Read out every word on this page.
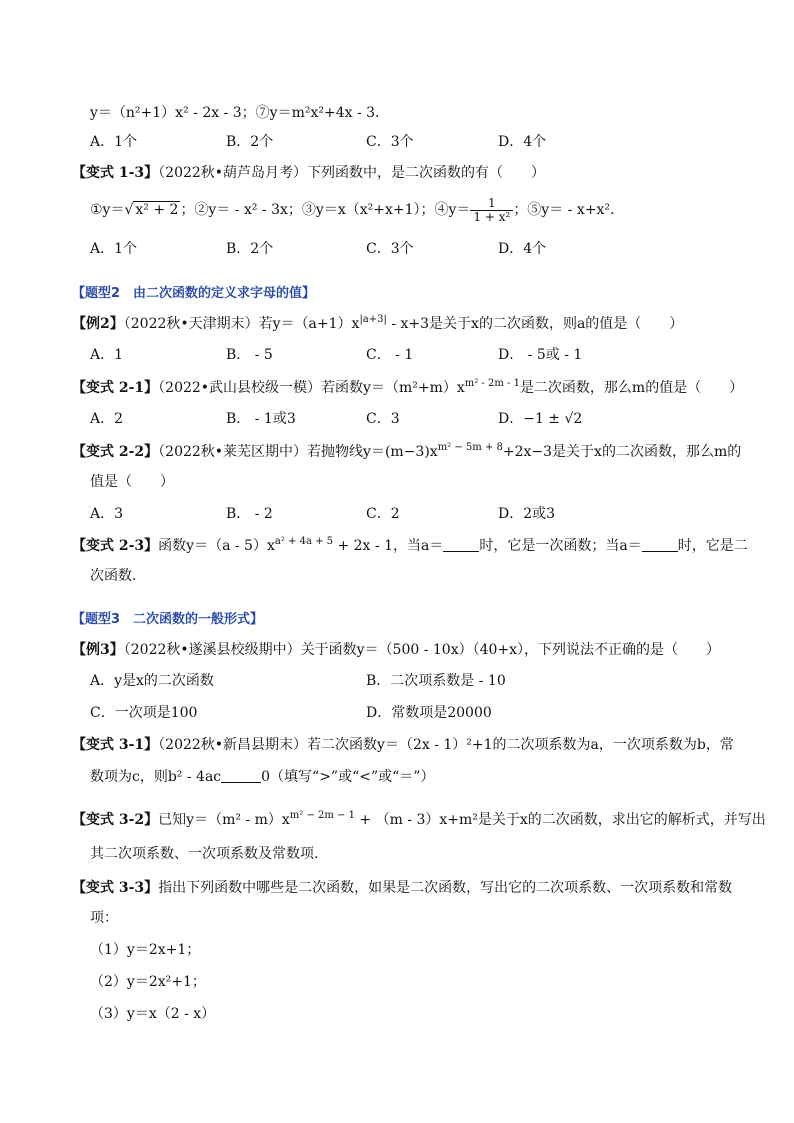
y＝（n²+1）x² - 2x - 3；⑦y＝m²x²+4x - 3．
A．1个	B．2个	C．3个	D．4个
【变式 1-3】（2022秋•葫芦岛月考）下列函数中，是二次函数的有（　　）
①y＝√ x² + 2 ；②y＝ - x² - 3x；③y＝x（x²+x+1）；④y＝ $\frac{1}{\text{1 + x²}}$ ；⑤y＝ - x+x².
A．1个	B．2个	C．3个	D．4个
【题型2　由二次函数的定义求字母的值】
【例2】（2022秋•天津期末）若$y=(a+1)x^{|a+3|} - x+3$是关于x的二次函数，则a的值是（　　）
A．1	B． - 5	C． - 1	D． - 5或 - 1
【变式 2-1】（2022•武山县校级一模）若函数$y=(m^2+m)x^{m^2 - 2m - 1}$是二次函数，那么m的值是（　　）
A．2	B． - 1或3	C．3	D．−1 ± √2
【变式 2-2】（2022秋•莱芜区期中）若抛物线$y=(m-3)x^{m^2 - 5m + 8}+2x-3$是关于x的二次函数，那么m的
值是（　　）
A．3	B． - 2	C．2	D．2或3
【变式 2-3】函数$y=(a - 5)x^{a^2 + 4a + 5} + 2x - 1$，当a＝	时，它是一次函数；当a＝	时，它是二
次函数.
【题型3　二次函数的一般形式】
【例3】（2022秋•遂溪县校级期中）关于函数y＝（500 - 10x）（40+x），下列说法不正确的是（　　）
A．y是x的二次函数	B．二次项系数是 - 10
C．一次项是100	D．常数项是20000
【变式 3-1】（2022秋•新昌县期末）若二次函数y＝（2x - 1）²+1的二次项系数为a，一次项系数为b，常
数项为c，则b² - 4ac	0（填写“>”或“<”或“＝”）
【变式 3-2】已知$y=(m^2 - m)x^{m^2 - 2m - 1} + (m - 3)x+m^2$是关于x的二次函数，求出它的解析式，并写出
其二次项系数、一次项系数及常数项.
【变式 3-3】指出下列函数中哪些是二次函数，如果是二次函数，写出它的二次项系数、一次项系数和常数
项：
（1）y＝2x+1；
（2）y＝2x²+1；
（3）y＝x（2 - x）
